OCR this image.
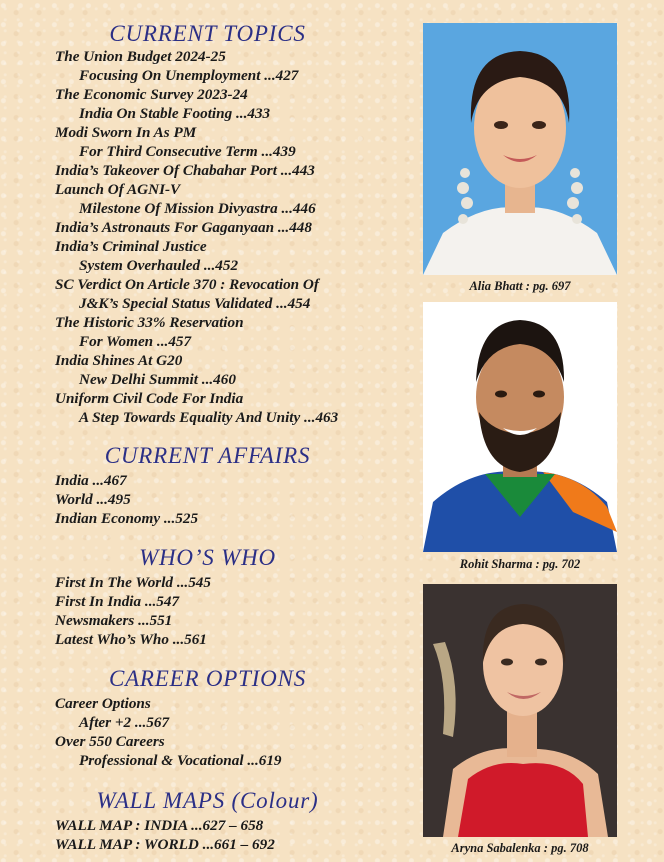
CURRENT TOPICS
The Union Budget 2024-25
Focusing On Unemployment ...427
The Economic Survey 2023-24
India On Stable Footing ...433
Modi Sworn In As PM
For Third Consecutive Term ...439
India’s Takeover Of Chabahar Port ...443
Launch Of AGNI-V
Milestone Of Mission Divyastra ...446
India’s Astronauts For Gaganyaan ...448
India’s Criminal Justice
System Overhauled ...452
SC Verdict On Article 370 : Revocation Of
J&K’s Special Status Validated ...454
The Historic 33% Reservation
For Women ...457
India Shines At G20
New Delhi Summit ...460
Uniform Civil Code For India
A Step Towards Equality And Unity ...463
CURRENT AFFAIRS
India ...467
World ...495
Indian Economy ...525
WHO’S WHO
First In The World ...545
First In India ...547
Newsmakers ...551
Latest Who’s Who ...561
CAREER OPTIONS
Career Options
After +2 ...567
Over 550 Careers
Professional & Vocational ...619
WALL MAPS (Colour)
WALL MAP : INDIA ...627 – 658
WALL MAP : WORLD ...661 – 692
Alia Bhatt : pg. 697
Rohit Sharma : pg. 702
Aryna Sabalenka : pg. 708
